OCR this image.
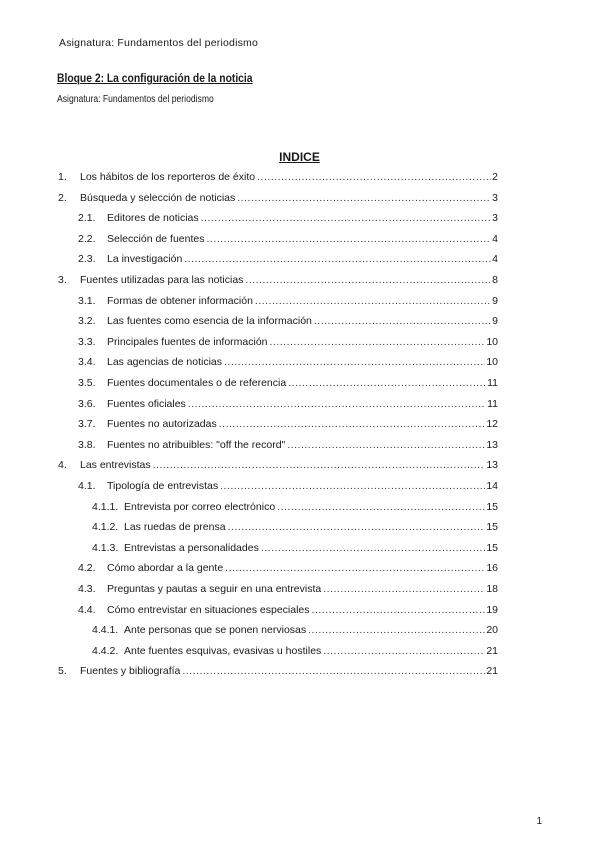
Asignatura: Fundamentos del periodismo
Bloque 2: La configuración de la noticia
Asignatura: Fundamentos del periodismo
INDICE
1. Los hábitos de los reporteros de éxito .....	2
2. Búsqueda y selección de noticias .....	3
2.1. Editores de noticias .....	3
2.2. Selección de fuentes .....	4
2.3. La investigación .....	4
3. Fuentes utilizadas para las noticias .....	8
3.1. Formas de obtener información .....	9
3.2. Las fuentes como esencia de la información .....	9
3.3. Principales fuentes de información .....	10
3.4. Las agencias de noticias .....	10
3.5. Fuentes documentales o de referencia .....	11
3.6. Fuentes oficiales .....	11
3.7. Fuentes no autorizadas .....	12
3.8. Fuentes no atribuibles: "off the record" .....	13
4. Las entrevistas .....	13
4.1. Tipología de entrevistas .....	14
4.1.1. Entrevista por correo electrónico .....	15
4.1.2. Las ruedas de prensa .....	15
4.1.3. Entrevistas a personalidades .....	15
4.2. Cómo abordar a la gente .....	16
4.3. Preguntas y pautas a seguir en una entrevista .....	18
4.4. Cómo entrevistar en situaciones especiales .....	19
4.4.1. Ante personas que se ponen nerviosas .....	20
4.4.2. Ante fuentes esquivas, evasivas u hostiles .....	21
5. Fuentes y bibliografía .....	21
1
